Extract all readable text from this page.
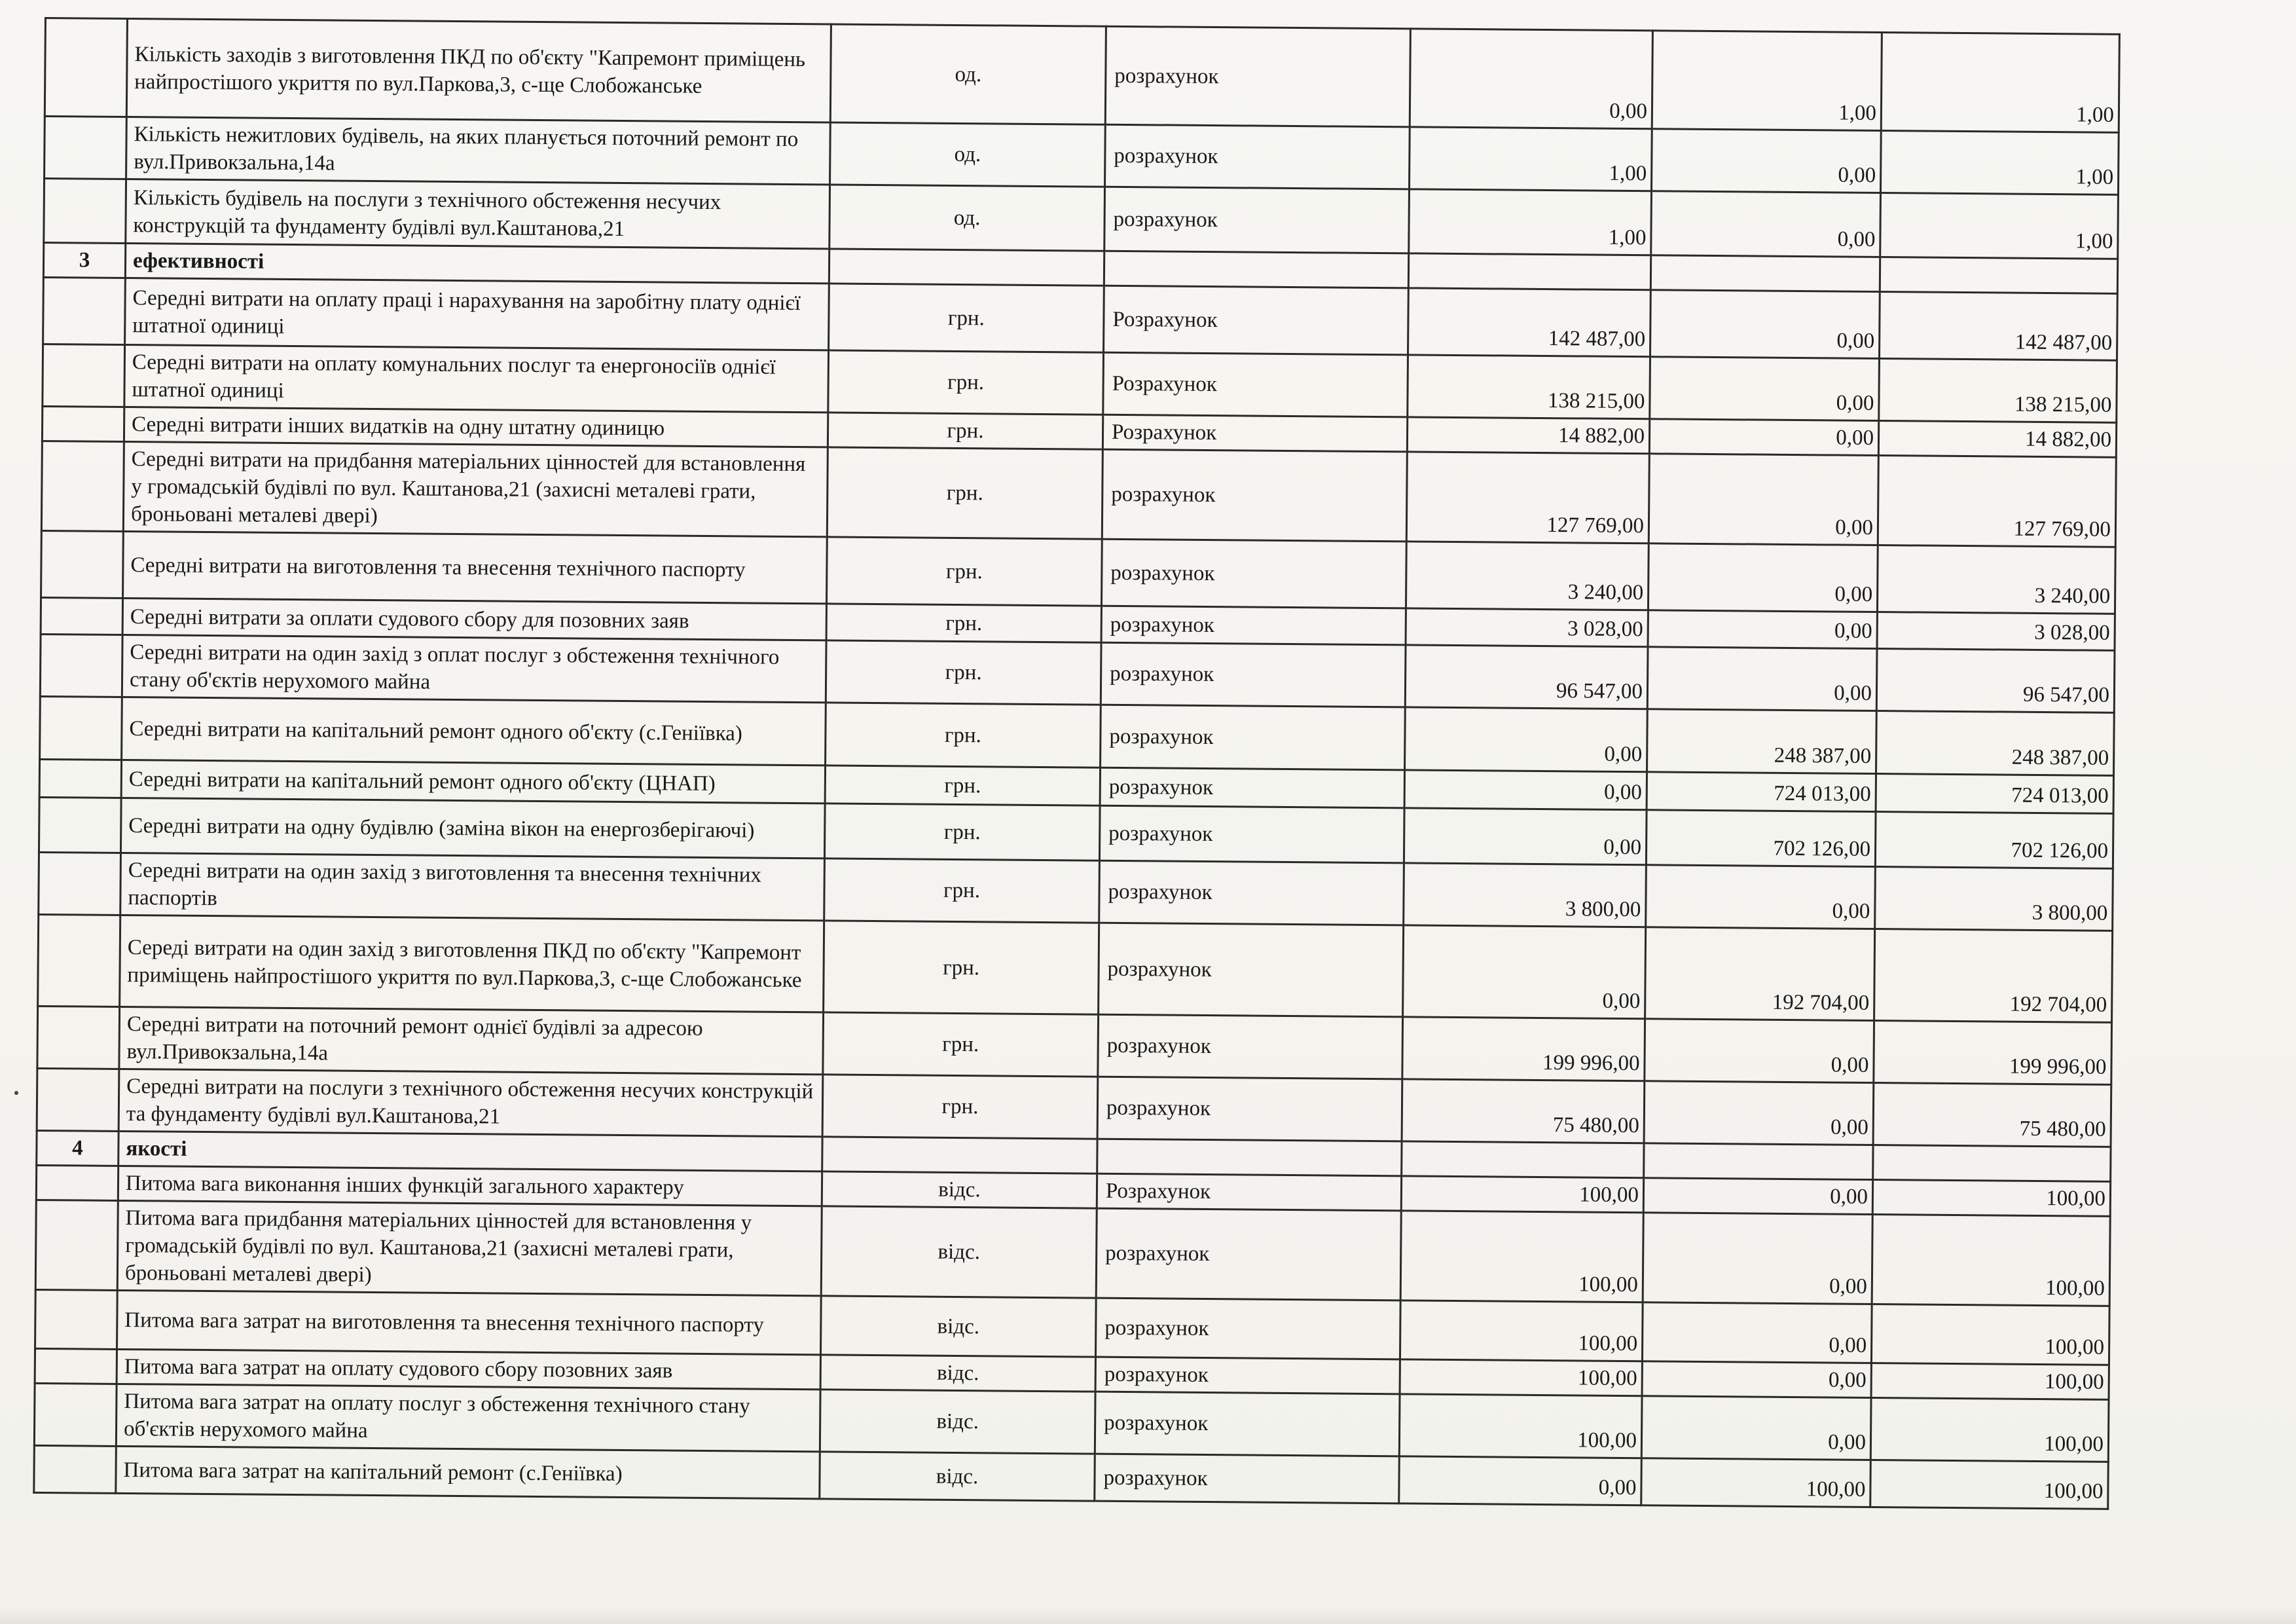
	Кількість заходів з виготовлення ПКД по об'єкту "Капремонт приміщень найпростішого укриття по вул.Паркова,3, с-ще Слобожанське	од.	розрахунок	0,00	1,00	1,00
	Кількість нежитлових будівель, на яких планується поточний ремонт по вул.Привокзальна,14а	од.	розрахунок	1,00	0,00	1,00
	Кількість будівель на послуги з технічного обстеження несучих конструкцій та фундаменту будівлі вул.Каштанова,21	од.	розрахунок	1,00	0,00	1,00
3	ефективності					
	Середні витрати на оплату праці і нарахування на заробітну плату однієї штатної одиниці	грн.	Розрахунок	142 487,00	0,00	142 487,00
	Середні витрати на оплату комунальних послуг та енергоносіїв однієї штатної одиниці	грн.	Розрахунок	138 215,00	0,00	138 215,00
	Середні витрати інших видатків на одну штатну одиницю	грн.	Розрахунок	14 882,00	0,00	14 882,00
	Середні витрати на придбання матеріальних цінностей для встановлення у громадській будівлі по вул. Каштанова,21 (захисні металеві грати, броньовані металеві двері)	грн.	розрахунок	127 769,00	0,00	127 769,00
	Середні витрати на виготовлення та внесення технічного паспорту	грн.	розрахунок	3 240,00	0,00	3 240,00
	Середні витрати за оплати судового сбору для позовних заяв	грн.	розрахунок	3 028,00	0,00	3 028,00
	Середні витрати на один захід з оплат послуг з обстеження технічного стану об'єктів нерухомого майна	грн.	розрахунок	96 547,00	0,00	96 547,00
	Середні витрати на капітальний ремонт одного об'єкту (с.Геніївка)	грн.	розрахунок	0,00	248 387,00	248 387,00
	Середні витрати на капітальний ремонт одного об'єкту (ЦНАП)	грн.	розрахунок	0,00	724 013,00	724 013,00
	Середні витрати на одну будівлю (заміна вікон на енергозберігаючі)	грн.	розрахунок	0,00	702 126,00	702 126,00
	Середні витрати на один захід з виготовлення та внесення технічних паспортів	грн.	розрахунок	3 800,00	0,00	3 800,00
	Середі витрати на один захід з виготовлення ПКД по об'єкту "Капремонт приміщень найпростішого укриття по вул.Паркова,3, с-ще Слобожанське	грн.	розрахунок	0,00	192 704,00	192 704,00
	Середні витрати на поточний ремонт однієї будівлі за адресою вул.Привокзальна,14а	грн.	розрахунок	199 996,00	0,00	199 996,00
	Середні витрати на послуги з технічного обстеження несучих конструкцій та фундаменту будівлі вул.Каштанова,21	грн.	розрахунок	75 480,00	0,00	75 480,00
4	якості					
	Питома вага виконання інших функцій загального характеру	відс.	Розрахунок	100,00	0,00	100,00
	Питома вага придбання матеріальних цінностей для встановлення у громадській будівлі по вул. Каштанова,21 (захисні металеві грати, броньовані металеві двері)	відс.	розрахунок	100,00	0,00	100,00
	Питома вага затрат на виготовлення та внесення технічного паспорту	відс.	розрахунок	100,00	0,00	100,00
	Питома вага затрат на оплату судового сбору позовних заяв	відс.	розрахунок	100,00	0,00	100,00
	Питома вага затрат на оплату послуг з обстеження технічного стану об'єктів нерухомого майна	відс.	розрахунок	100,00	0,00	100,00
	Питома вага затрат на капітальний ремонт (с.Геніївка)	відс.	розрахунок	0,00	100,00	100,00
